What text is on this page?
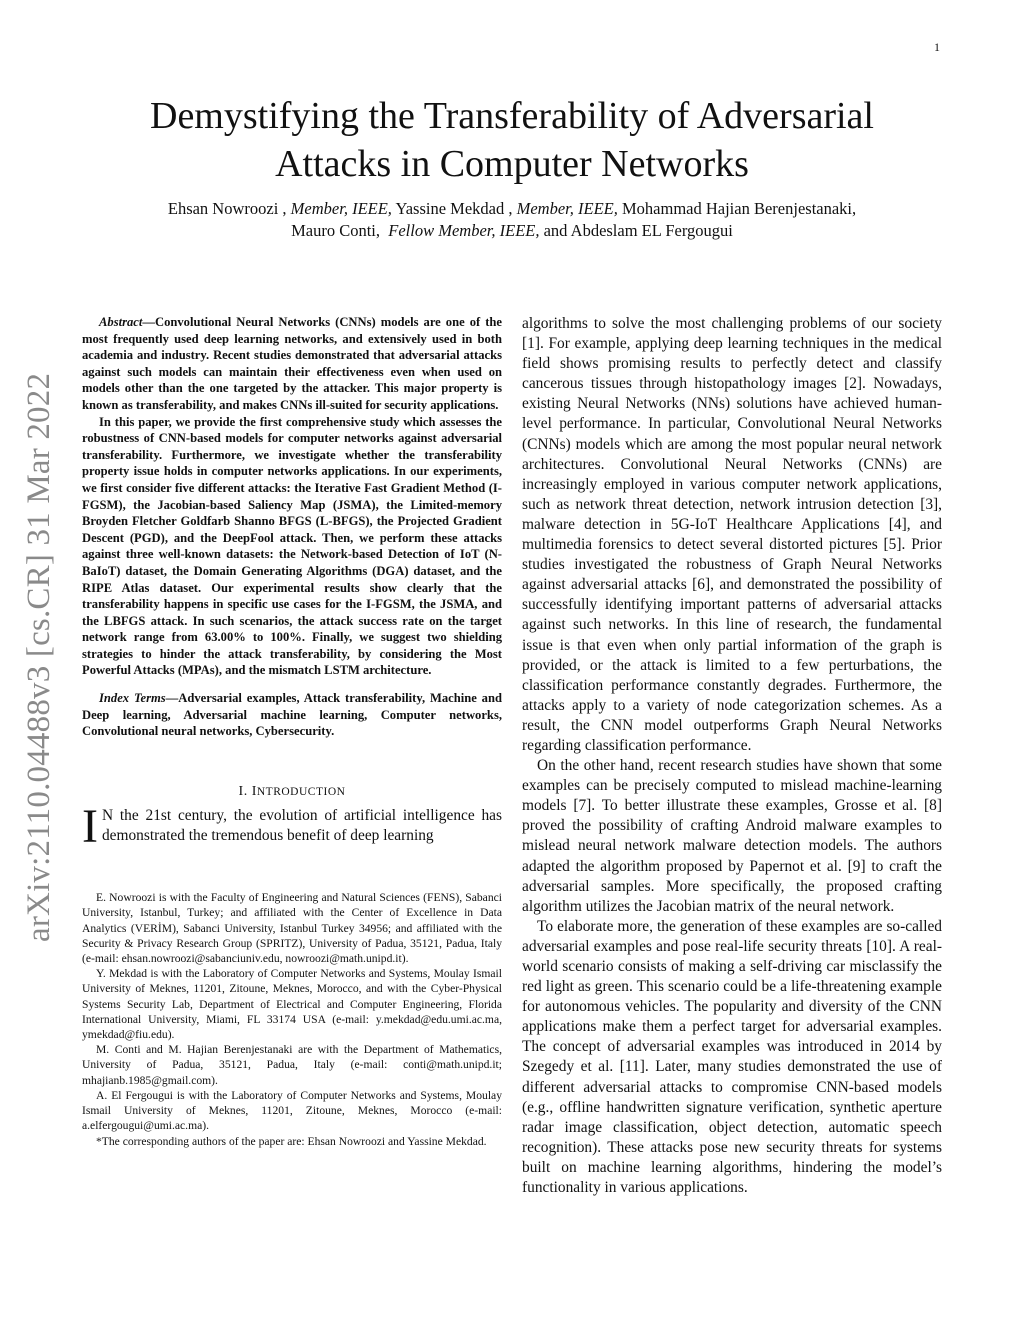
1
arXiv:2110.04488v3 [cs.CR] 31 Mar 2022
Demystifying the Transferability of Adversarial
Attacks in Computer Networks
Ehsan Nowroozi , Member, IEEE, Yassine Mekdad , Member, IEEE, Mohammad Hajian Berenjestanaki,
Mauro Conti, Fellow Member, IEEE, and Abdeslam EL Fergougui

Abstract—Convolutional Neural Networks (CNNs) models are one of the most frequently used deep learning networks, and extensively used in both academia and industry. Recent studies demonstrated that adversarial attacks against such models can maintain their effectiveness even when used on models other than the one targeted by the attacker. This major property is known as transferability, and makes CNNs ill-suited for security applications.

In this paper, we provide the first comprehensive study which assesses the robustness of CNN-based models for computer networks against adversarial transferability. Furthermore, we investigate whether the transferability property issue holds in computer networks applications. In our experiments, we first consider five different attacks: the Iterative Fast Gradient Method (I-FGSM), the Jacobian-based Saliency Map (JSMA), the Limited-memory Broyden Fletcher Goldfarb Shanno BFGS (L-BFGS), the Projected Gradient Descent (PGD), and the DeepFool attack. Then, we perform these attacks against three well-known datasets: the Network-based Detection of IoT (N-BaIoT) dataset, the Domain Generating Algorithms (DGA) dataset, and the RIPE Atlas dataset. Our experimental results show clearly that the transferability happens in specific use cases for the I-FGSM, the JSMA, and the LBFGS attack. In such scenarios, the attack success rate on the target network range from 63.00% to 100%. Finally, we suggest two shielding strategies to hinder the attack transferability, by considering the Most Powerful Attacks (MPAs), and the mismatch LSTM architecture.

Index Terms—Adversarial examples, Attack transferability, Machine and Deep learning, Adversarial machine learning, Computer networks, Convolutional neural networks, Cybersecurity.
I. INTRODUCTION
I N the 21st century, the evolution of artificial intelligence has demonstrated the tremendous benefit of deep learning

E. Nowroozi is with the Faculty of Engineering and Natural Sciences (FENS), Sabanci University, Istanbul, Turkey; and affiliated with the Center of Excellence in Data Analytics (VERİM), Sabanci University, Istanbul Turkey 34956; and affiliated with the Security & Privacy Research Group (SPRITZ), University of Padua, 35121, Padua, Italy (e-mail: ehsan.nowroozi@sabanciuniv.edu, nowroozi@math.unipd.it).

Y. Mekdad is with the Laboratory of Computer Networks and Systems, Moulay Ismail University of Meknes, 11201, Zitoune, Meknes, Morocco, and with the Cyber-Physical Systems Security Lab, Department of Electrical and Computer Engineering, Florida International University, Miami, FL 33174 USA (e-mail: y.mekdad@edu.umi.ac.ma, ymekdad@fiu.edu).

M. Conti and M. Hajian Berenjestanaki are with the Department of Mathematics, University of Padua, 35121, Padua, Italy (e-mail: conti@math.unipd.it; mhajianb.1985@gmail.com).

A. El Fergougui is with the Laboratory of Computer Networks and Systems, Moulay Ismail University of Meknes, 11201, Zitoune, Meknes, Morocco (e-mail: a.elfergougui@umi.ac.ma).

*The corresponding authors of the paper are: Ehsan Nowroozi and Yassine Mekdad.

algorithms to solve the most challenging problems of our society [1]. For example, applying deep learning techniques in the medical field shows promising results to perfectly detect and classify cancerous tissues through histopathology images [2]. Nowadays, existing Neural Networks (NNs) solutions have achieved human-level performance. In particular, Convolutional Neural Networks (CNNs) models which are among the most popular neural network architectures. Convolutional Neural Networks (CNNs) are increasingly employed in various computer network applications, such as network threat detection, network intrusion detection [3], malware detection in 5G-IoT Healthcare Applications [4], and multimedia forensics to detect several distorted pictures [5]. Prior studies investigated the robustness of Graph Neural Networks against adversarial attacks [6], and demonstrated the possibility of successfully identifying important patterns of adversarial attacks against such networks. In this line of research, the fundamental issue is that even when only partial information of the graph is provided, or the attack is limited to a few perturbations, the classification performance constantly degrades. Furthermore, the attacks apply to a variety of node categorization schemes. As a result, the CNN model outperforms Graph Neural Networks regarding classification performance.

On the other hand, recent research studies have shown that some examples can be precisely computed to mislead machine-learning models [7]. To better illustrate these examples, Grosse et al. [8] proved the possibility of crafting Android malware examples to mislead neural network malware detection models. The authors adapted the algorithm proposed by Papernot et al. [9] to craft the adversarial samples. More specifically, the proposed crafting algorithm utilizes the Jacobian matrix of the neural network.

To elaborate more, the generation of these examples are so-called adversarial examples and pose real-life security threats [10]. A real-world scenario consists of making a self-driving car misclassify the red light as green. This scenario could be a life-threatening example for autonomous vehicles. The popularity and diversity of the CNN applications make them a perfect target for adversarial examples. The concept of adversarial examples was introduced in 2014 by Szegedy et al. [11]. Later, many studies demonstrated the use of different adversarial attacks to compromise CNN-based models (e.g., offline handwritten signature verification, synthetic aperture radar image classification, object detection, automatic speech recognition). These attacks pose new security threats for systems built on machine learning algorithms, hindering the model’s functionality in various applications.
